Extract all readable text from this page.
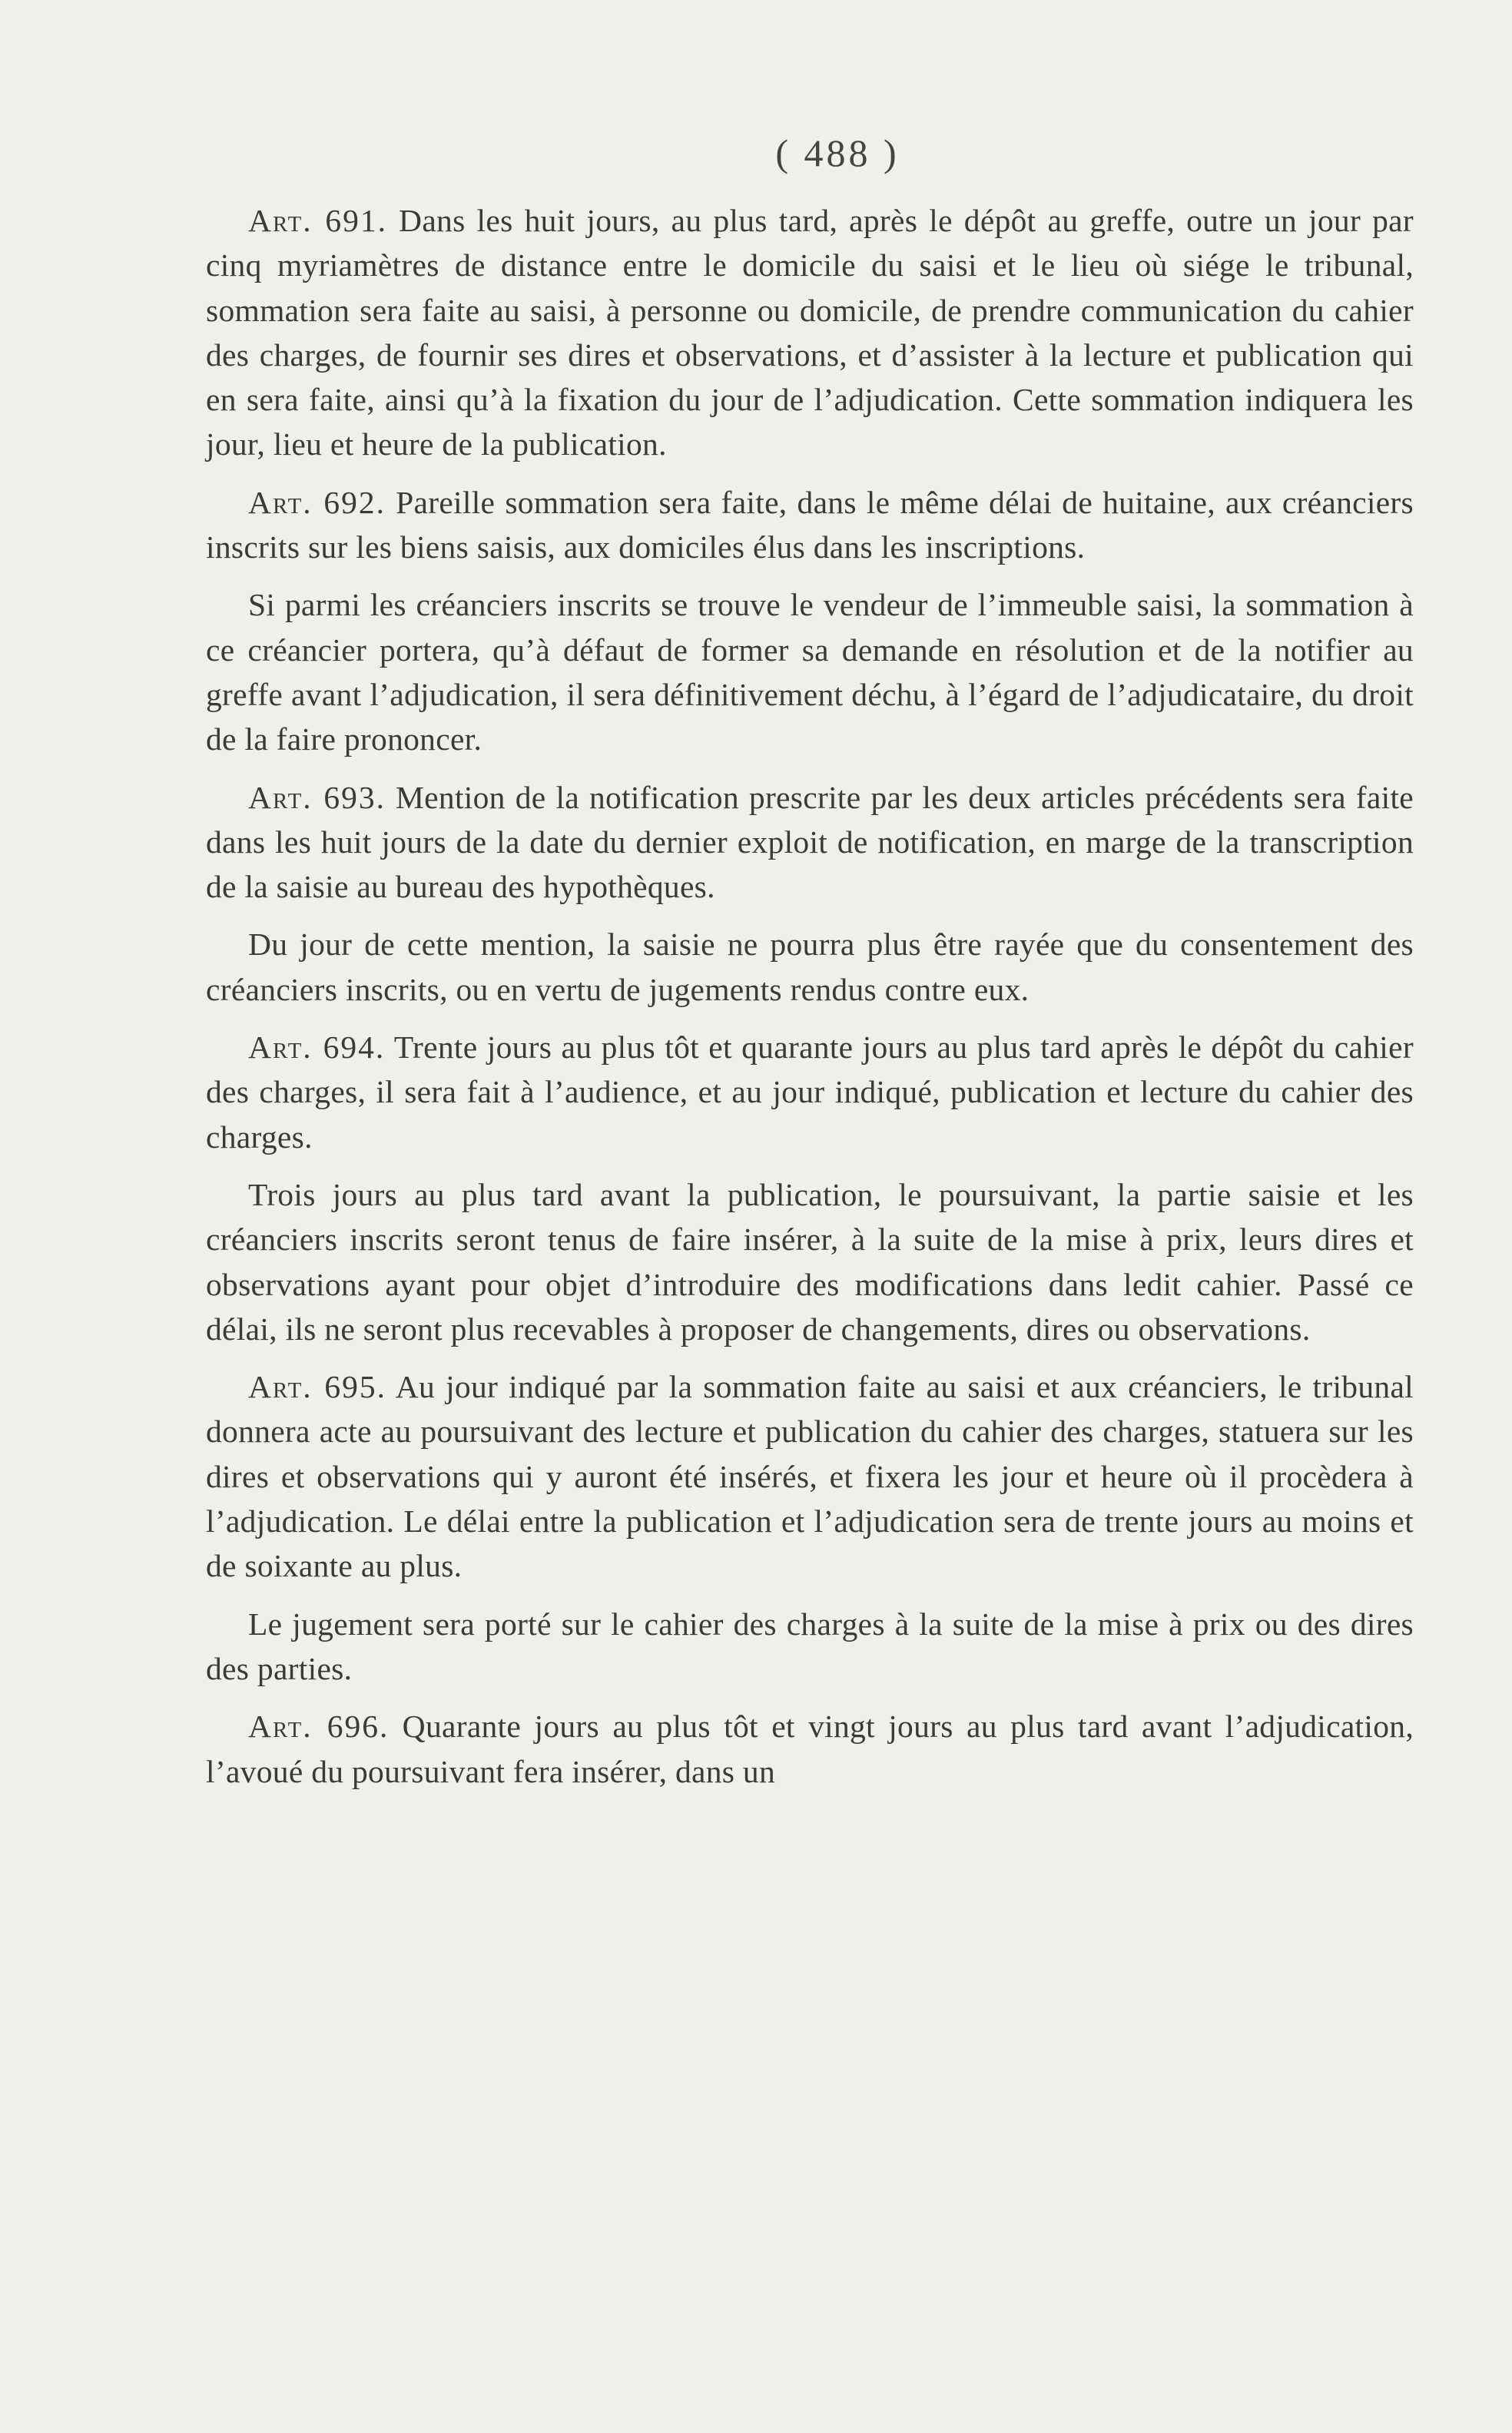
( 488 )

Art. 691. Dans les huit jours, au plus tard, après le dépôt au greffe, outre un jour par cinq myriamètres de distance entre le domicile du saisi et le lieu où siége le tribunal, sommation sera faite au saisi, à personne ou domicile, de prendre communication du cahier des charges, de fournir ses dires et observations, et d’assister à la lecture et publication qui en sera faite, ainsi qu’à la fixation du jour de l’adjudication. Cette sommation indiquera les jour, lieu et heure de la publication.

Art. 692. Pareille sommation sera faite, dans le même délai de huitaine, aux créanciers inscrits sur les biens saisis, aux domiciles élus dans les inscriptions.

Si parmi les créanciers inscrits se trouve le vendeur de l’immeuble saisi, la sommation à ce créancier portera, qu’à défaut de former sa demande en résolution et de la notifier au greffe avant l’adjudication, il sera définitivement déchu, à l’égard de l’adjudicataire, du droit de la faire prononcer.

Art. 693. Mention de la notification prescrite par les deux articles précédents sera faite dans les huit jours de la date du dernier exploit de notification, en marge de la transcription de la saisie au bureau des hypothèques.

Du jour de cette mention, la saisie ne pourra plus être rayée que du consentement des créanciers inscrits, ou en vertu de jugements rendus contre eux.

Art. 694. Trente jours au plus tôt et quarante jours au plus tard après le dépôt du cahier des charges, il sera fait à l’audience, et au jour indiqué, publication et lecture du cahier des charges.

Trois jours au plus tard avant la publication, le poursuivant, la partie saisie et les créanciers inscrits seront tenus de faire insérer, à la suite de la mise à prix, leurs dires et observations ayant pour objet d’introduire des modifications dans ledit cahier. Passé ce délai, ils ne seront plus recevables à proposer de changements, dires ou observations.

Art. 695. Au jour indiqué par la sommation faite au saisi et aux créanciers, le tribunal donnera acte au poursuivant des lecture et publication du cahier des charges, statuera sur les dires et observations qui y auront été insérés, et fixera les jour et heure où il procèdera à l’adjudication. Le délai entre la publication et l’adjudication sera de trente jours au moins et de soixante au plus.

Le jugement sera porté sur le cahier des charges à la suite de la mise à prix ou des dires des parties.

Art. 696. Quarante jours au plus tôt et vingt jours au plus tard avant l’adjudication, l’avoué du poursuivant fera insérer, dans un
